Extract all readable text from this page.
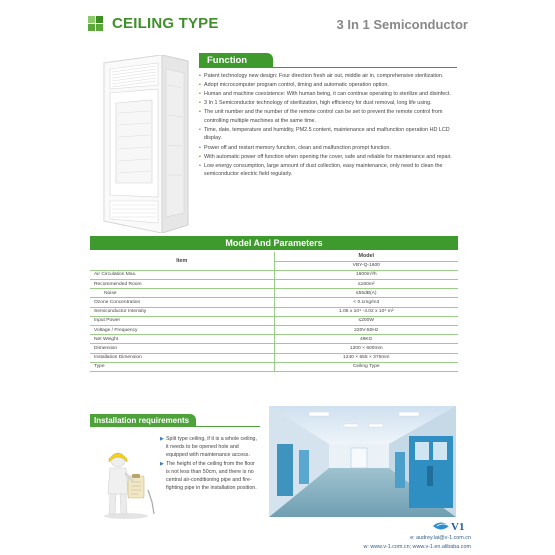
CEILING TYPE	3 In 1 Semiconductor
Function
• Patent technology new design: Four direction fresh air out, middle air in, comprehensive sterilization.
• Adopt microcomputer program control, timing and automatic operation option.
• Human and machine coexistence: With human being, it can continue operating to sterilize and disinfect.
• 3 In 1 Semiconductor technology of sterilization, high efficiency for dust removal, long life using.
• The unit number and the number of the remote control can be set to prevent the remote control from controlling multiple machines at the same time.
• Time, date, temperature and humidity, PM2.5 content, maintenance and malfunction operation HD LCD display.
• Power off and restart memory function, clean and malfunction prompt function.
• With automatic power off function when opening the cover, safe and reliable for maintenance and repair.
• Low energy consumption, large amount of dust collection, easy maintenance, only need to clean the semiconductor electric field regularly.
Model And Parameters
Item	Model
	VBY-Q-1600
Air Circulation Max.	1600m³/h
Recommended Room	≤160m²
Noise	≤55dB(A)
Ozone Concentration	< 0.1mg/m3
Semiconductor Intensity	1.05 x 10⁴ -4.02 x 10⁴ m²
Input Power	≤200W
Voltage / Frequency	220V-50Hz
Net Weight	49KG
Dimension	1200 × 600mm
Installation Dimension	1240 × 655 × 375mm
Type	Ceiling Type
Installation requirements
▶ Split type ceiling, if it is a whole ceiling, it needs to be opened hole and equipped with maintenance access.
▶ The height of the ceiling from the floor is not less than 50cm, and there is no central air-conditioning pipe and fire-fighting pipe in the installation position.
V1
e: audrey.lai@v-1.com.cn
w: www.v-1.com.cn; www.v-1.en.alibaba.com
